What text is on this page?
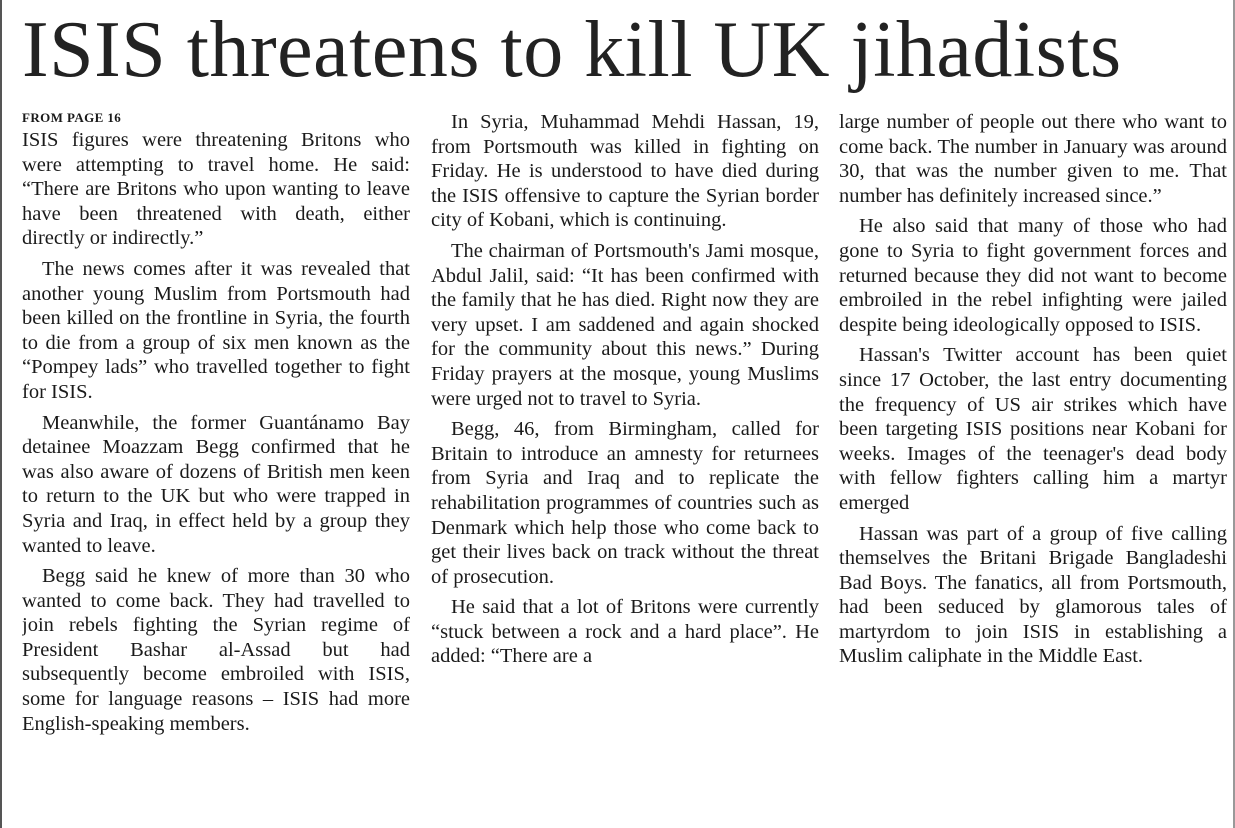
ISIS threatens to kill UK jihadists
FROM PAGE 16

ISIS figures were threatening Britons who were attempting to travel home. He said: “There are Britons who upon wanting to leave have been threatened with death, either directly or indirectly.”

The news comes after it was revealed that another young Muslim from Portsmouth had been killed on the frontline in Syria, the fourth to die from a group of six men known as the “Pompey lads” who travelled together to fight for ISIS.

Meanwhile, the former Guantánamo Bay detainee Moazzam Begg confirmed that he was also aware of dozens of British men keen to return to the UK but who were trapped in Syria and Iraq, in effect held by a group they wanted to leave.

Begg said he knew of more than 30 who wanted to come back. They had travelled to join rebels fighting the Syrian regime of President Bashar al-Assad but had subsequently become embroiled with ISIS, some for language reasons – ISIS had more English-speaking members.

In Syria, Muhammad Mehdi Hassan, 19, from Portsmouth was killed in fighting on Friday. He is understood to have died during the ISIS offensive to capture the Syrian border city of Kobani, which is continuing.

The chairman of Portsmouth's Jami mosque, Abdul Jalil, said: “It has been confirmed with the family that he has died. Right now they are very upset. I am saddened and again shocked for the community about this news.” During Friday prayers at the mosque, young Muslims were urged not to travel to Syria.

Begg, 46, from Birmingham, called for Britain to introduce an amnesty for returnees from Syria and Iraq and to replicate the rehabilitation programmes of countries such as Denmark which help those who come back to get their lives back on track without the threat of prosecution.

He said that a lot of Britons were currently “stuck between a rock and a hard place”. He added: “There are a

large number of people out there who want to come back. The number in January was around 30, that was the number given to me. That number has definitely increased since.”

He also said that many of those who had gone to Syria to fight government forces and returned because they did not want to become embroiled in the rebel infighting were jailed despite being ideologically opposed to ISIS.

Hassan's Twitter account has been quiet since 17 October, the last entry documenting the frequency of US air strikes which have been targeting ISIS positions near Kobani for weeks. Images of the teenager's dead body with fellow fighters calling him a martyr emerged

Hassan was part of a group of five calling themselves the Britani Brigade Bangladeshi Bad Boys. The fanatics, all from Portsmouth, had been seduced by glamorous tales of martyrdom to join ISIS in establishing a Muslim caliphate in the Middle East.
